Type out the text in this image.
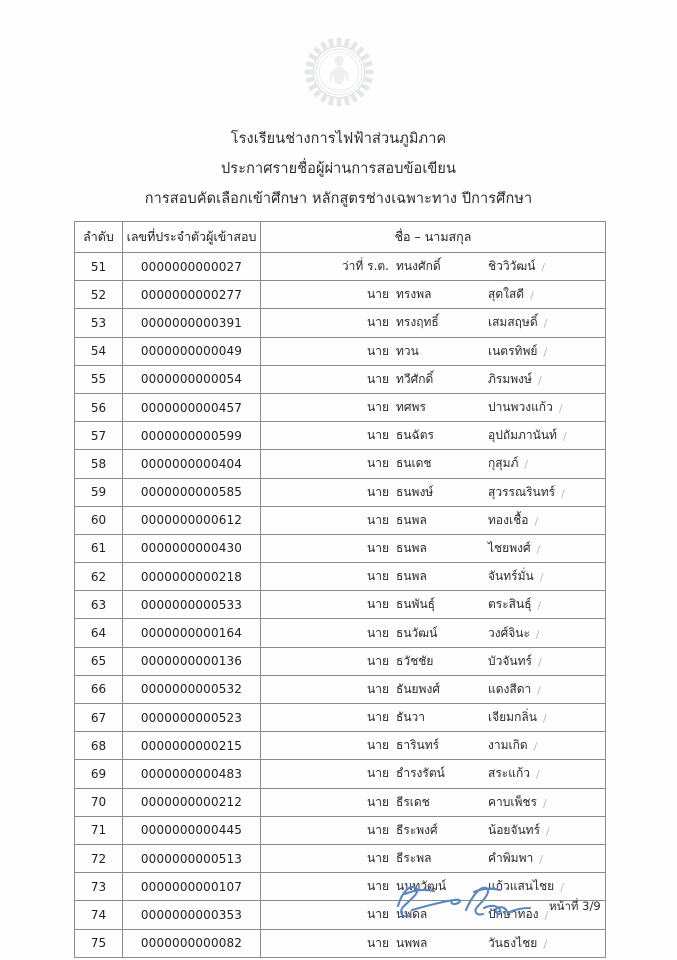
โรงเรียนช่างการไฟฟ้าส่วนภูมิภาค
ประกาศรายชื่อผู้ผ่านการสอบข้อเขียน
การสอบคัดเลือกเข้าศึกษา หลักสูตรช่างเฉพาะทาง ปีการศึกษา
ลำดับ	เลขที่ประจำตัวผู้เข้าสอบ	ชื่อ – นามสกุล
51	0000000000027	ว่าที่ ร.ต. ทนงศักดิ์ ชิววิวัฒน์ /

52	0000000000277	นาย ทรงพล สุดใสดี /

53	0000000000391	นาย ทรงฤทธิ์ เสมสฤษดิ์ /

54	0000000000049	นาย ทวน เนตรทิพย์ /

55	0000000000054	นาย ทวีศักดิ์ ภิรมพงษ์ /

56	0000000000457	นาย ทศพร ปานพวงแก้ว /

57	0000000000599	นาย ธนฉัตร อุปถัมภานันท์ /

58	0000000000404	นาย ธนเดช กุสุมภ์ /

59	0000000000585	นาย ธนพงษ์ สุวรรณรินทร์ /

60	0000000000612	นาย ธนพล ทองเชื้อ /

61	0000000000430	นาย ธนพล ไชยพงศ์ /

62	0000000000218	นาย ธนพล จันทร์มั่น /

63	0000000000533	นาย ธนพันธุ์ ตระสินธุ์ /

64	0000000000164	นาย ธนวัฒน์ วงศ์จินะ /

65	0000000000136	นาย ธวัชชัย บัวจันทร์ /

66	0000000000532	นาย ธันยพงศ์ แดงสีดา /

67	0000000000523	นาย ธันวา เจียมกลิ่น /

68	0000000000215	นาย ธารินทร์ งามเกิด /

69	0000000000483	นาย ธำรงรัตน์ สระแก้ว /

70	0000000000212	นาย ธีรเดช คาบเพ็ชร /

71	0000000000445	นาย ธีระพงศ์ น้อยจันทร์ /

72	0000000000513	นาย ธีระพล คำพิมพา /

73	0000000000107	นาย นนทวัฒน์ แก้วแสนไชย /

74	0000000000353	นาย นพดล ปักษาทอง /

75	0000000000082	นาย นพพล วันธงไชย /
หน้าที่ 3/9
